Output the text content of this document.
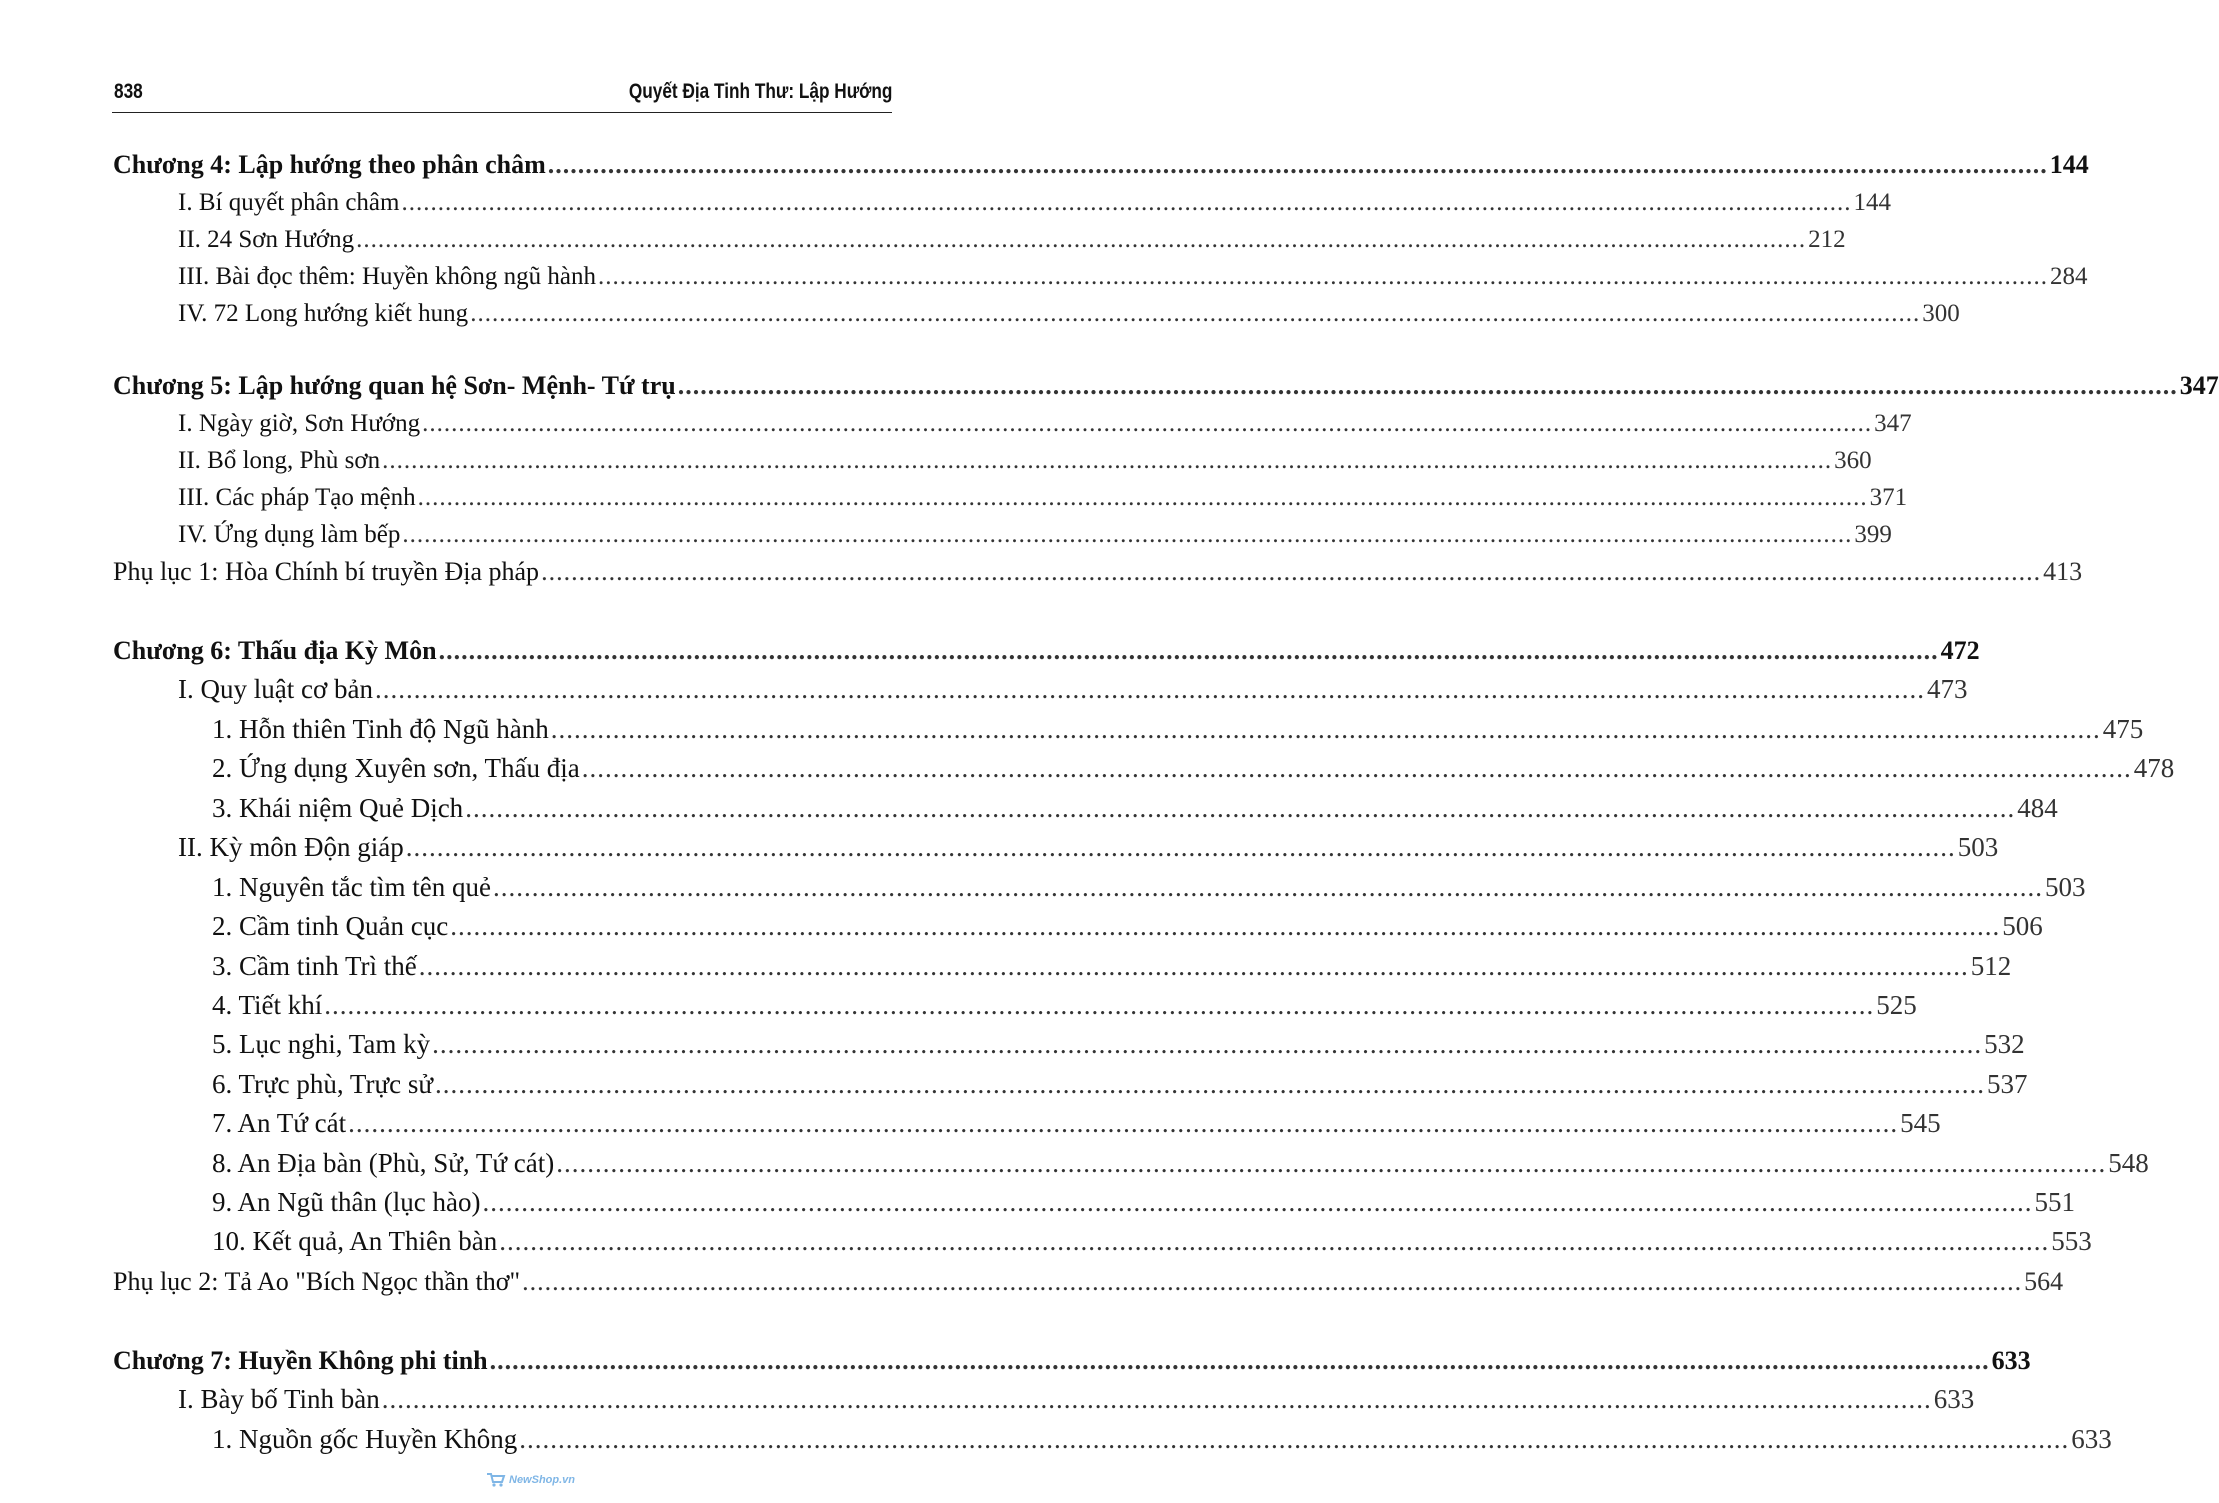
838	Quyết Địa Tinh Thư: Lập Hướng
Chương 4: Lập hướng theo phân châm ........................................................................................................................................................................................................ 144
I. Bí quyết phân châm ........................................................................................................................................................................................................ 144
II. 24 Sơn Hướng ........................................................................................................................................................................................................ 212
III. Bài đọc thêm: Huyền không ngũ hành ........................................................................................................................................................................................................ 284
IV. 72 Long hướng kiết hung ........................................................................................................................................................................................................ 300
Chương 5: Lập hướng quan hệ Sơn- Mệnh- Tứ trụ ........................................................................................................................................................................................................ 347
I. Ngày giờ, Sơn Hướng ........................................................................................................................................................................................................ 347
II. Bổ long, Phù sơn ........................................................................................................................................................................................................ 360
III. Các pháp Tạo mệnh ........................................................................................................................................................................................................ 371
IV. Ứng dụng làm bếp ........................................................................................................................................................................................................ 399
Phụ lục 1: Hòa Chính bí truyền Địa pháp ........................................................................................................................................................................................................ 413
Chương 6: Thấu địa Kỳ Môn ........................................................................................................................................................................................................ 472
I. Quy luật cơ bản ........................................................................................................................................................................................................ 473
1. Hỗn thiên Tinh độ Ngũ hành ........................................................................................................................................................................................................ 475
2. Ứng dụng Xuyên sơn, Thấu địa ........................................................................................................................................................................................................ 478
3. Khái niệm Quẻ Dịch ........................................................................................................................................................................................................ 484
II. Kỳ môn Độn giáp ........................................................................................................................................................................................................ 503
1. Nguyên tắc tìm tên quẻ ........................................................................................................................................................................................................ 503
2. Cầm tinh Quản cục ........................................................................................................................................................................................................ 506
3. Cầm tinh Trì thế ........................................................................................................................................................................................................ 512
4. Tiết khí ........................................................................................................................................................................................................ 525
5. Lục nghi, Tam kỳ ........................................................................................................................................................................................................ 532
6. Trực phù, Trực sử ........................................................................................................................................................................................................ 537
7. An Tứ cát ........................................................................................................................................................................................................ 545
8. An Địa bàn (Phù, Sử, Tứ cát) ........................................................................................................................................................................................................ 548
9. An Ngũ thân (lục hào) ........................................................................................................................................................................................................ 551
10. Kết quả, An Thiên bàn ........................................................................................................................................................................................................ 553
Phụ lục 2: Tả Ao "Bích Ngọc thần thơ" ........................................................................................................................................................................................................ 564
Chương 7: Huyền Không phi tinh ........................................................................................................................................................................................................ 633
I. Bày bố Tinh bàn ........................................................................................................................................................................................................ 633
1. Nguồn gốc Huyền Không ........................................................................................................................................................................................................ 633
NewShop.vn
